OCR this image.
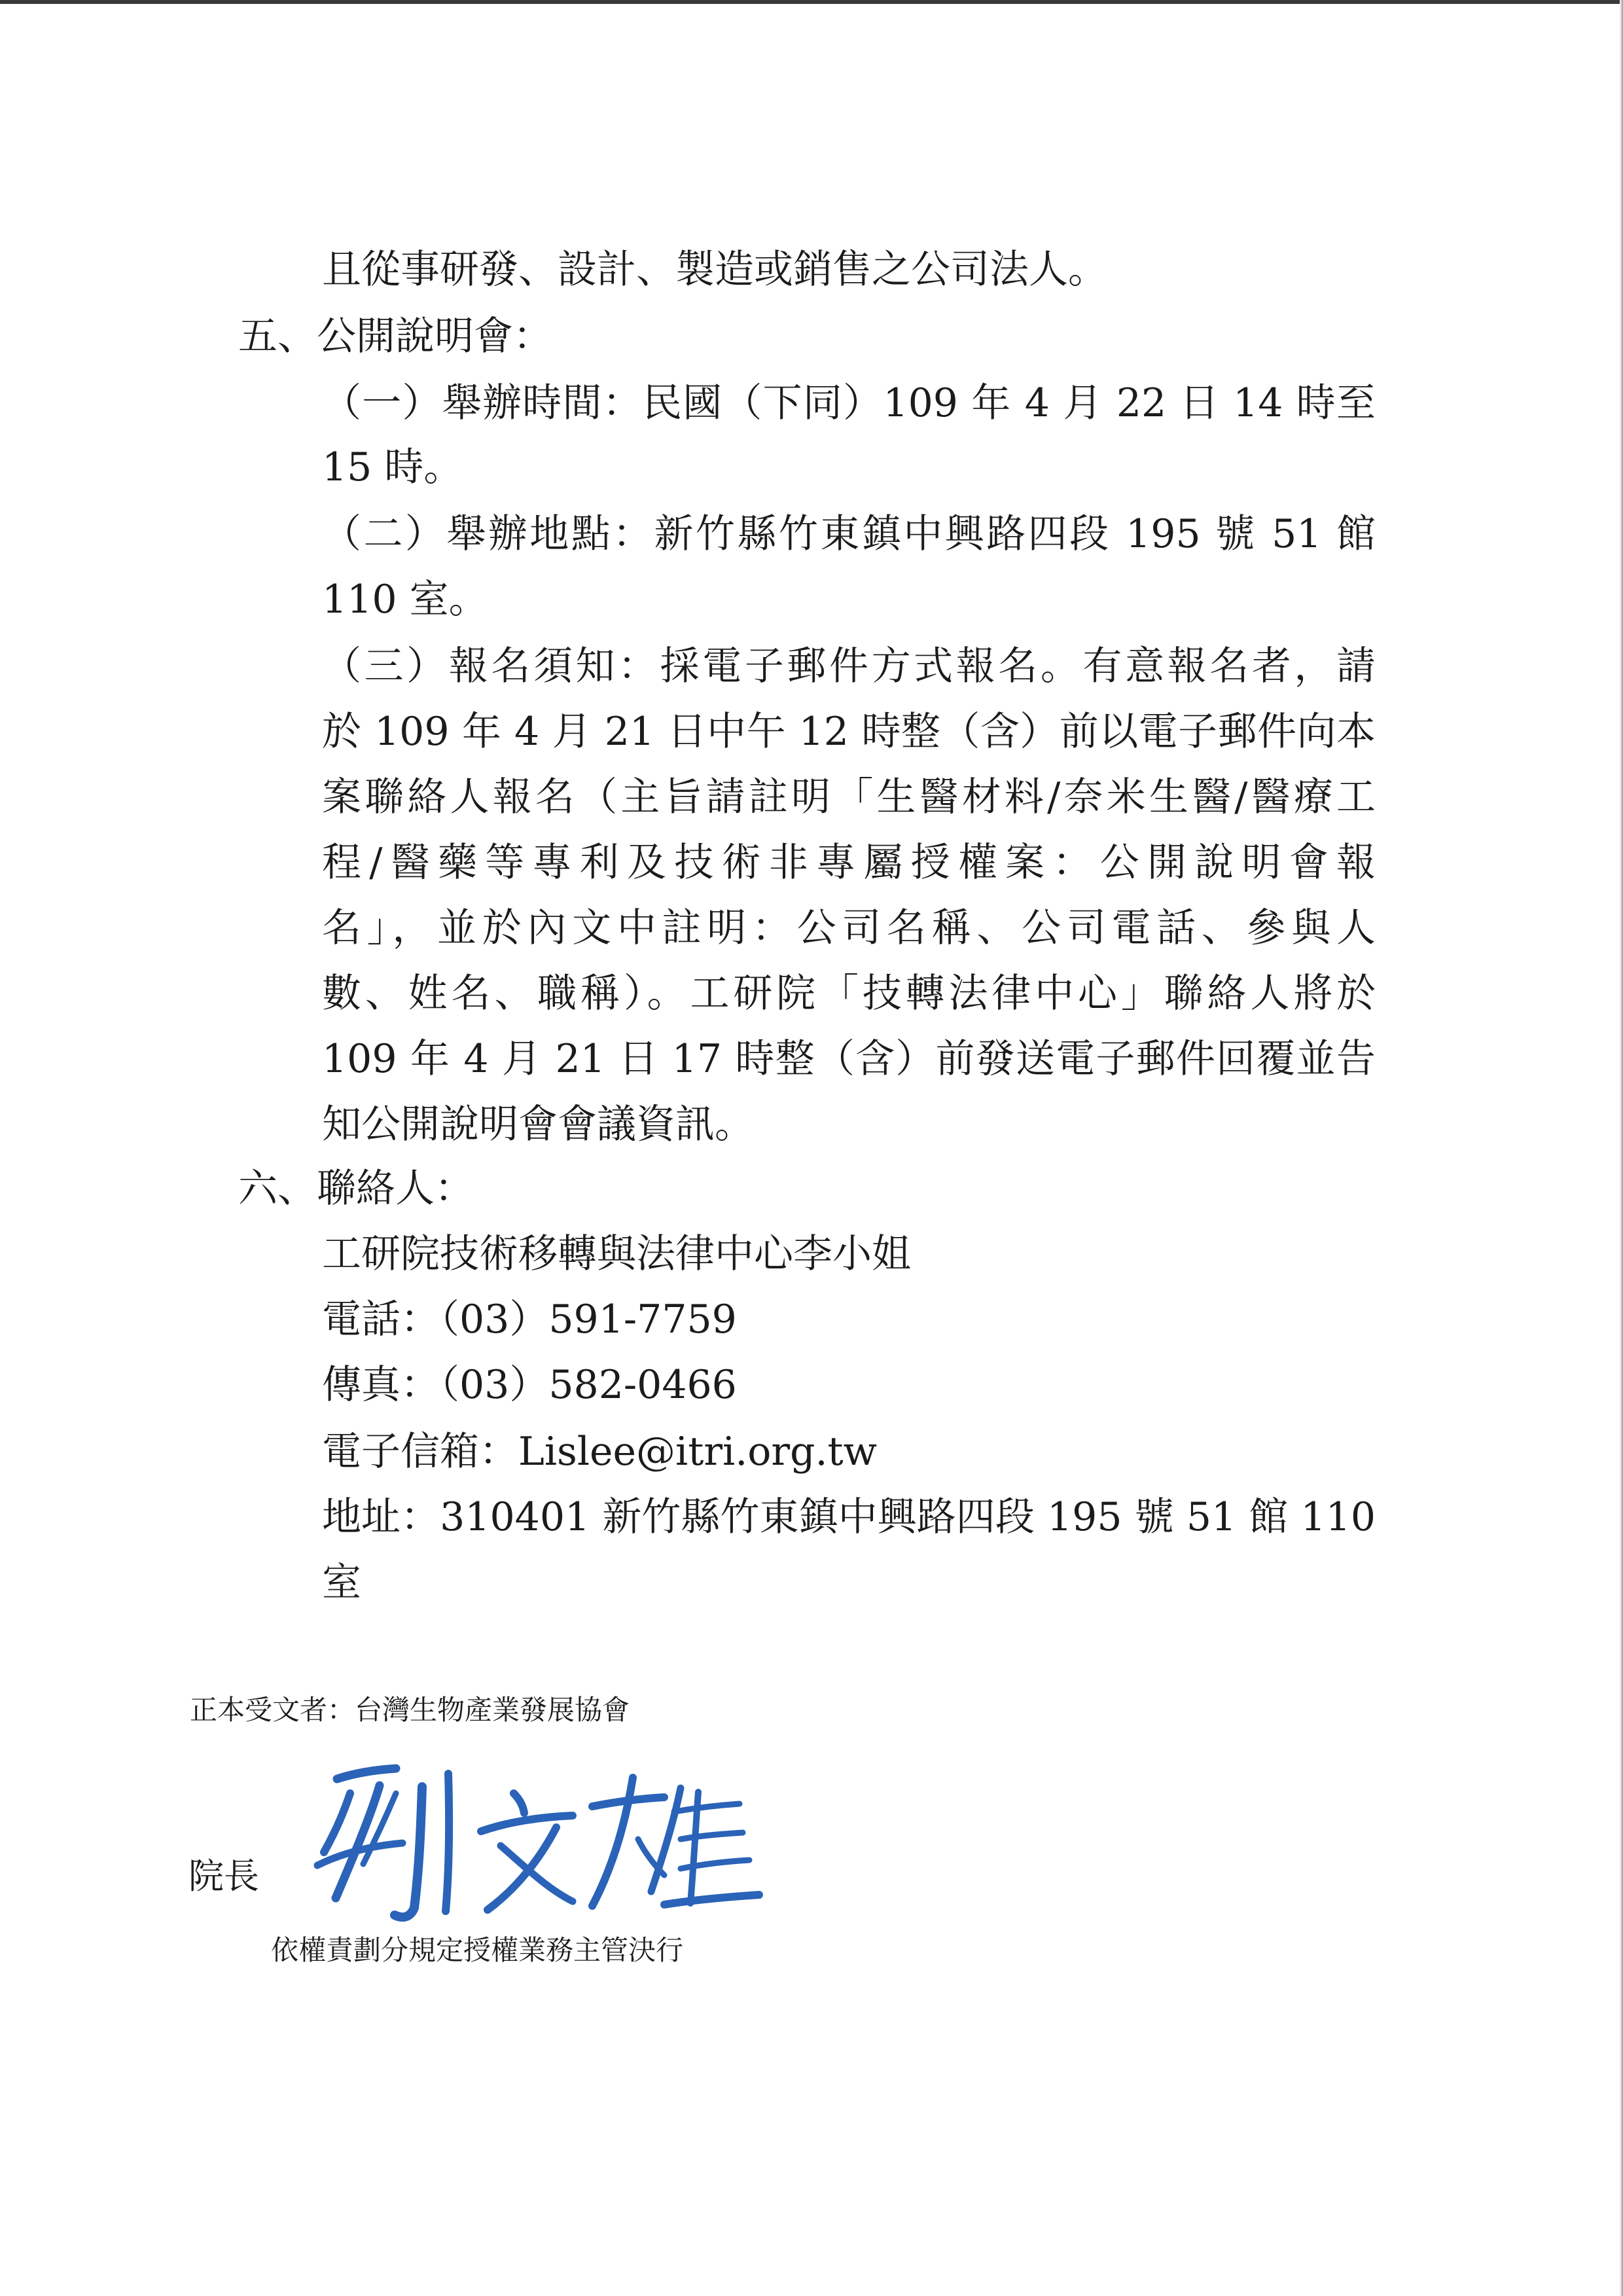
且從事研發、設計、製造或銷售之公司法人。
五、公開說明會：
（一）舉辦時間：民國（下同）109 年 4 月 22 日 14 時至
15 時。
（二）舉辦地點：新竹縣竹東鎮中興路四段 195 號 51 館
110 室。
（三）報名須知：採電子郵件方式報名。有意報名者，請
於 109 年 4 月 21 日中午 12 時整（含）前以電子郵件向本
案聯絡人報名（主旨請註明「生醫材料/奈米生醫/醫療工
程/醫藥等專利及技術非專屬授權案：公開說明會報
名」，並於內文中註明：公司名稱、公司電話、參與人
數、姓名、職稱）。工研院「技轉法律中心」聯絡人將於
109 年 4 月 21 日 17 時整（含）前發送電子郵件回覆並告
知公開說明會會議資訊。
六、聯絡人：
工研院技術移轉與法律中心李小姐
電話：（03）591-7759
傳真：（03）582-0466
電子信箱：Lislee@itri.org.tw
地址：310401 新竹縣竹東鎮中興路四段 195 號 51 館 110
室
正本受文者：台灣生物產業發展協會
院長
依權責劃分規定授權業務主管決行
